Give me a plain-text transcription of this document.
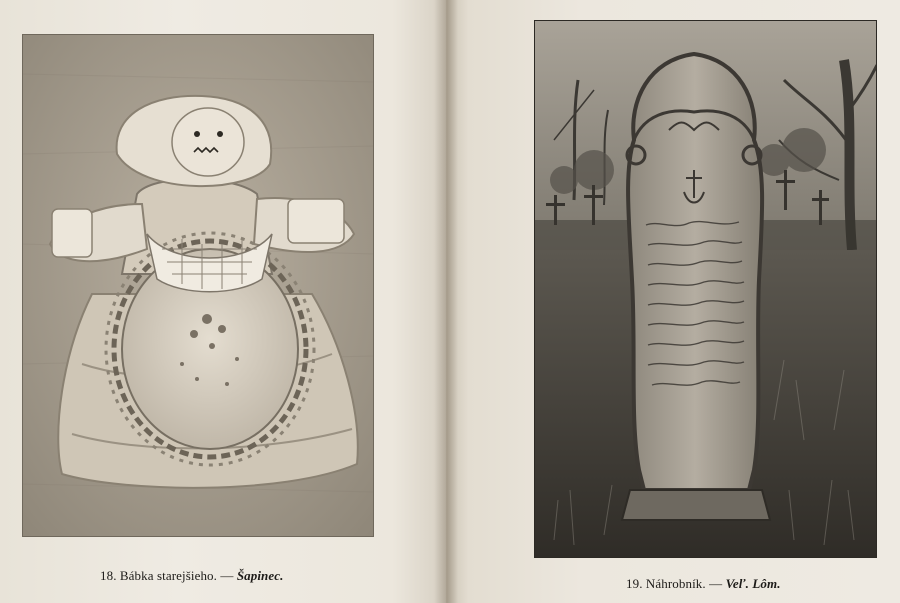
18. Bábka starejšieho. — Šapinec.
19. Náhrobník. — Veľ. Lôm.
